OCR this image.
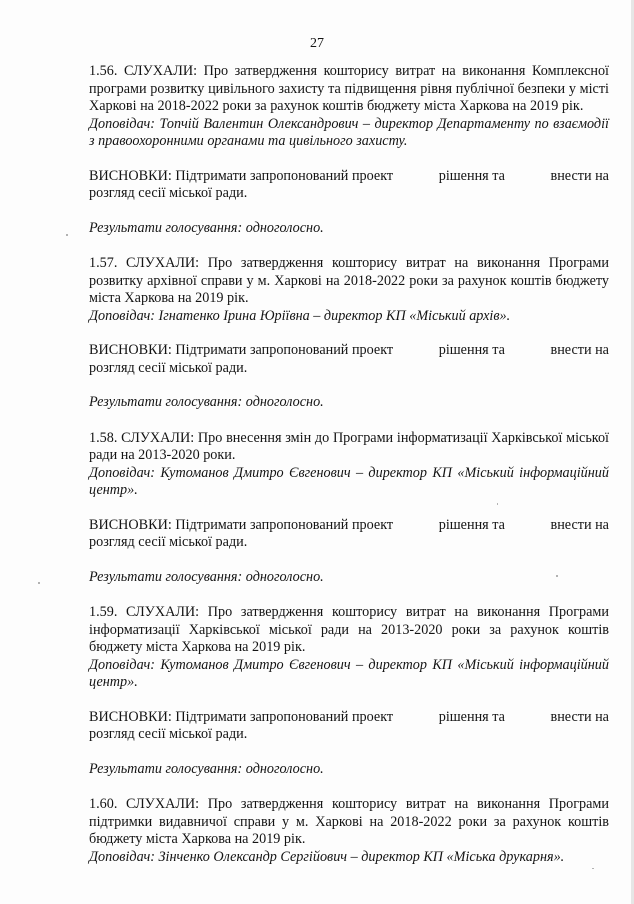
27

1.56. СЛУХАЛИ: Про затвердження кошторису витрат на виконання Комплексної програми розвитку цивільного захисту та підвищення рівня публічної безпеки у місті Харкові на 2018-2022 роки за рахунок коштів бюджету міста Харкова на 2019 рік.

Доповідач: Топчій Валентин Олександрович – директор Департаменту по взаємодії з правоохоронними органами та цивільного захисту.

ВИСНОВКИ: Підтримати запропонований проект	рішення та	внести на
розгляд сесії міської ради.

Результати голосування: одноголосно.

1.57. СЛУХАЛИ: Про затвердження кошторису витрат на виконання Програми розвитку архівної справи у м. Харкові на 2018-2022 роки за рахунок коштів бюджету міста Харкова на 2019 рік.

Доповідач: Ігнатенко Ірина Юріївна – директор КП «Міський архів».

ВИСНОВКИ: Підтримати запропонований проект	рішення та	внести на
розгляд сесії міської ради.

Результати голосування: одноголосно.

1.58. СЛУХАЛИ: Про внесення змін до Програми інформатизації Харківської міської ради на 2013-2020 роки.

Доповідач: Кутоманов Дмитро Євгенович – директор КП «Міський інформаційний центр».

ВИСНОВКИ: Підтримати запропонований проект	рішення та	внести на
розгляд сесії міської ради.

Результати голосування: одноголосно.

1.59. СЛУХАЛИ: Про затвердження кошторису витрат на виконання Програми інформатизації Харківської міської ради на 2013-2020 роки за рахунок коштів бюджету міста Харкова на 2019 рік.

Доповідач: Кутоманов Дмитро Євгенович – директор КП «Міський інформаційний центр».

ВИСНОВКИ: Підтримати запропонований проект	рішення та	внести на
розгляд сесії міської ради.

Результати голосування: одноголосно.

1.60. СЛУХАЛИ: Про затвердження кошторису витрат на виконання Програми підтримки видавничої справи у м. Харкові на 2018-2022 роки за рахунок коштів бюджету міста Харкова на 2019 рік.

Доповідач: Зінченко Олександр Сергійович – директор КП «Міська друкарня».
